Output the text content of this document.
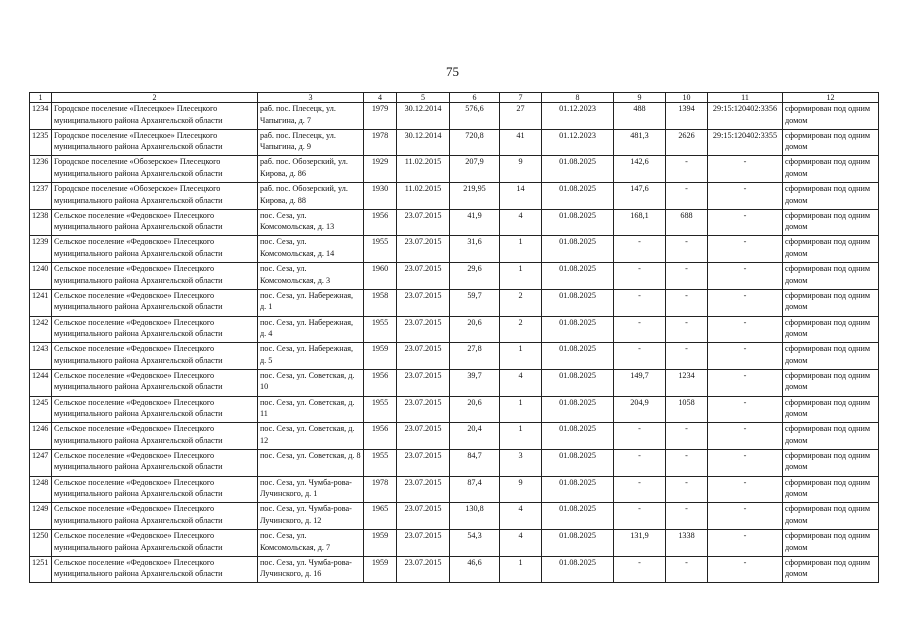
75
1	2	3	4	5	6	7	8	9	10	11	12
1234	Городское поселение «Плесецкое» Плесецкого муниципального района Архангельской области	раб. пос. Плесецк, ул. Чапыгина, д. 7	1979	30.12.2014	576,6	27	01.12.2023	488	1394	29:15:120402:3356	сформирован под одним домом
1235	Городское поселение «Плесецкое» Плесецкого муниципального района Архангельской области	раб. пос. Плесецк, ул. Чапыгина, д. 9	1978	30.12.2014	720,8	41	01.12.2023	481,3	2626	29:15:120402:3355	сформирован под одним домом
1236	Городское поселение «Обозерское» Плесецкого муниципального района Архангельской области	раб. пос. Обозерский, ул. Кирова, д. 86	1929	11.02.2015	207,9	9	01.08.2025	142,6	-	-	сформирован под одним домом
1237	Городское поселение «Обозерское» Плесецкого муниципального района Архангельской области	раб. пос. Обозерский, ул. Кирова, д. 88	1930	11.02.2015	219,95	14	01.08.2025	147,6	-	-	сформирован под одним домом
1238	Сельское поселение «Федовское» Плесецкого муниципального района Архангельской области	пос. Сеза, ул. Комсомольская, д. 13	1956	23.07.2015	41,9	4	01.08.2025	168,1	688	-	сформирован под одним домом
1239	Сельское поселение «Федовское» Плесецкого муниципального района Архангельской области	пос. Сеза, ул. Комсомольская, д. 14	1955	23.07.2015	31,6	1	01.08.2025	-	-	-	сформирован под одним домом
1240	Сельское поселение «Федовское» Плесецкого муниципального района Архангельской области	пос. Сеза, ул. Комсомольская, д. 3	1960	23.07.2015	29,6	1	01.08.2025	-	-	-	сформирован под одним домом
1241	Сельское поселение «Федовское» Плесецкого муниципального района Архангельской области	пос. Сеза, ул. Набережная, д. 1	1958	23.07.2015	59,7	2	01.08.2025	-	-	-	сформирован под одним домом
1242	Сельское поселение «Федовское» Плесецкого муниципального района Архангельской области	пос. Сеза, ул. Набережная, д. 4	1955	23.07.2015	20,6	2	01.08.2025	-	-	-	сформирован под одним домом
1243	Сельское поселение «Федовское» Плесецкого муниципального района Архангельской области	пос. Сеза, ул. Набережная, д. 5	1959	23.07.2015	27,8	1	01.08.2025	-	-	-	сформирован под одним домом
1244	Сельское поселение «Федовское» Плесецкого муниципального района Архангельской области	пос. Сеза, ул. Советская, д. 10	1956	23.07.2015	39,7	4	01.08.2025	149,7	1234	-	сформирован под одним домом
1245	Сельское поселение «Федовское» Плесецкого муниципального района Архангельской области	пос. Сеза, ул. Советская, д. 11	1955	23.07.2015	20,6	1	01.08.2025	204,9	1058	-	сформирован под одним домом
1246	Сельское поселение «Федовское» Плесецкого муниципального района Архангельской области	пос. Сеза, ул. Советская, д. 12	1956	23.07.2015	20,4	1	01.08.2025	-	-	-	сформирован под одним домом
1247	Сельское поселение «Федовское» Плесецкого муниципального района Архангельской области	пос. Сеза, ул. Советская, д. 8	1955	23.07.2015	84,7	3	01.08.2025	-	-	-	сформирован под одним домом
1248	Сельское поселение «Федовское» Плесецкого муниципального района Архангельской области	пос. Сеза, ул. Чумба-рова-Лучинского, д. 1	1978	23.07.2015	87,4	9	01.08.2025	-	-	-	сформирован под одним домом
1249	Сельское поселение «Федовское» Плесецкого муниципального района Архангельской области	пос. Сеза, ул. Чумба-рова-Лучинского, д. 12	1965	23.07.2015	130,8	4	01.08.2025	-	-	-	сформирован под одним домом
1250	Сельское поселение «Федовское» Плесецкого муниципального района Архангельской области	пос. Сеза, ул. Комсомольская, д. 7	1959	23.07.2015	54,3	4	01.08.2025	131,9	1338	-	сформирован под одним домом
1251	Сельское поселение «Федовское» Плесецкого муниципального района Архангельской области	пос. Сеза, ул. Чумба-рова-Лучинского, д. 16	1959	23.07.2015	46,6	1	01.08.2025	-	-	-	сформирован под одним домом
